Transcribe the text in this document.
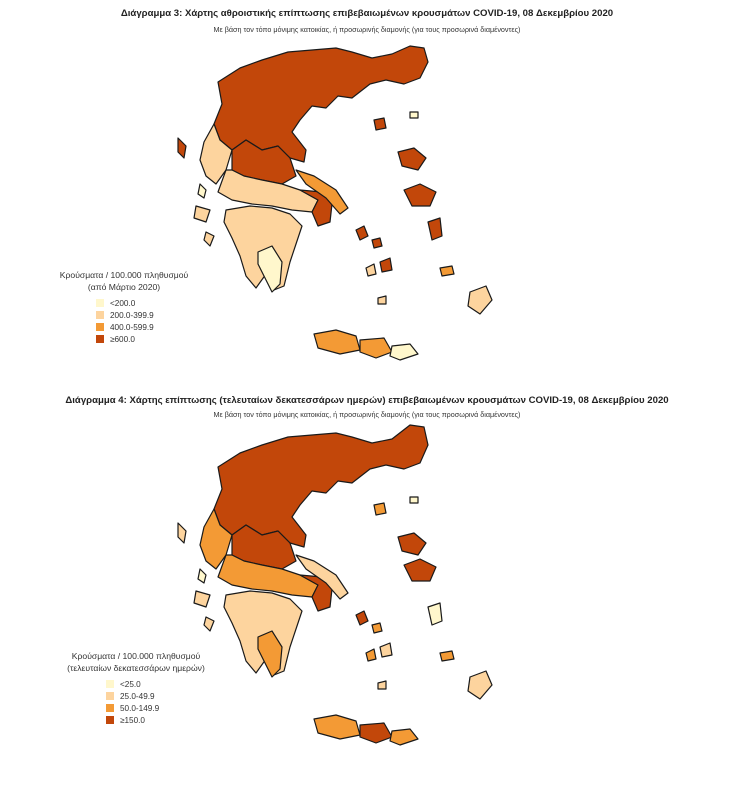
Διάγραμμα 3: Χάρτης αθροιστικής επίπτωσης επιβεβαιωμένων κρουσμάτων COVID-19, 08 Δεκεμβρίου 2020
Με βάση τον τόπο μόνιμης κατοικίας, ή προσωρινής διαμονής (για τους προσωρινά διαμένοντες)
Κρούσματα / 100.000 πληθυσμού
(από Μάρτιο 2020)
<200.0
200.0-399.9
400.0-599.9
≥600.0
Διάγραμμα 4: Χάρτης επίπτωσης (τελευταίων δεκατεσσάρων ημερών) επιβεβαιωμένων κρουσμάτων COVID-19, 08 Δεκεμβρίου 2020
Με βάση τον τόπο μόνιμης κατοικίας, ή προσωρινής διαμονής (για τους προσωρινά διαμένοντες)
Κρούσματα / 100.000 πληθυσμού
(τελευταίων δεκατεσσάρων ημερών)
<25.0
25.0-49.9
50.0-149.9
≥150.0
